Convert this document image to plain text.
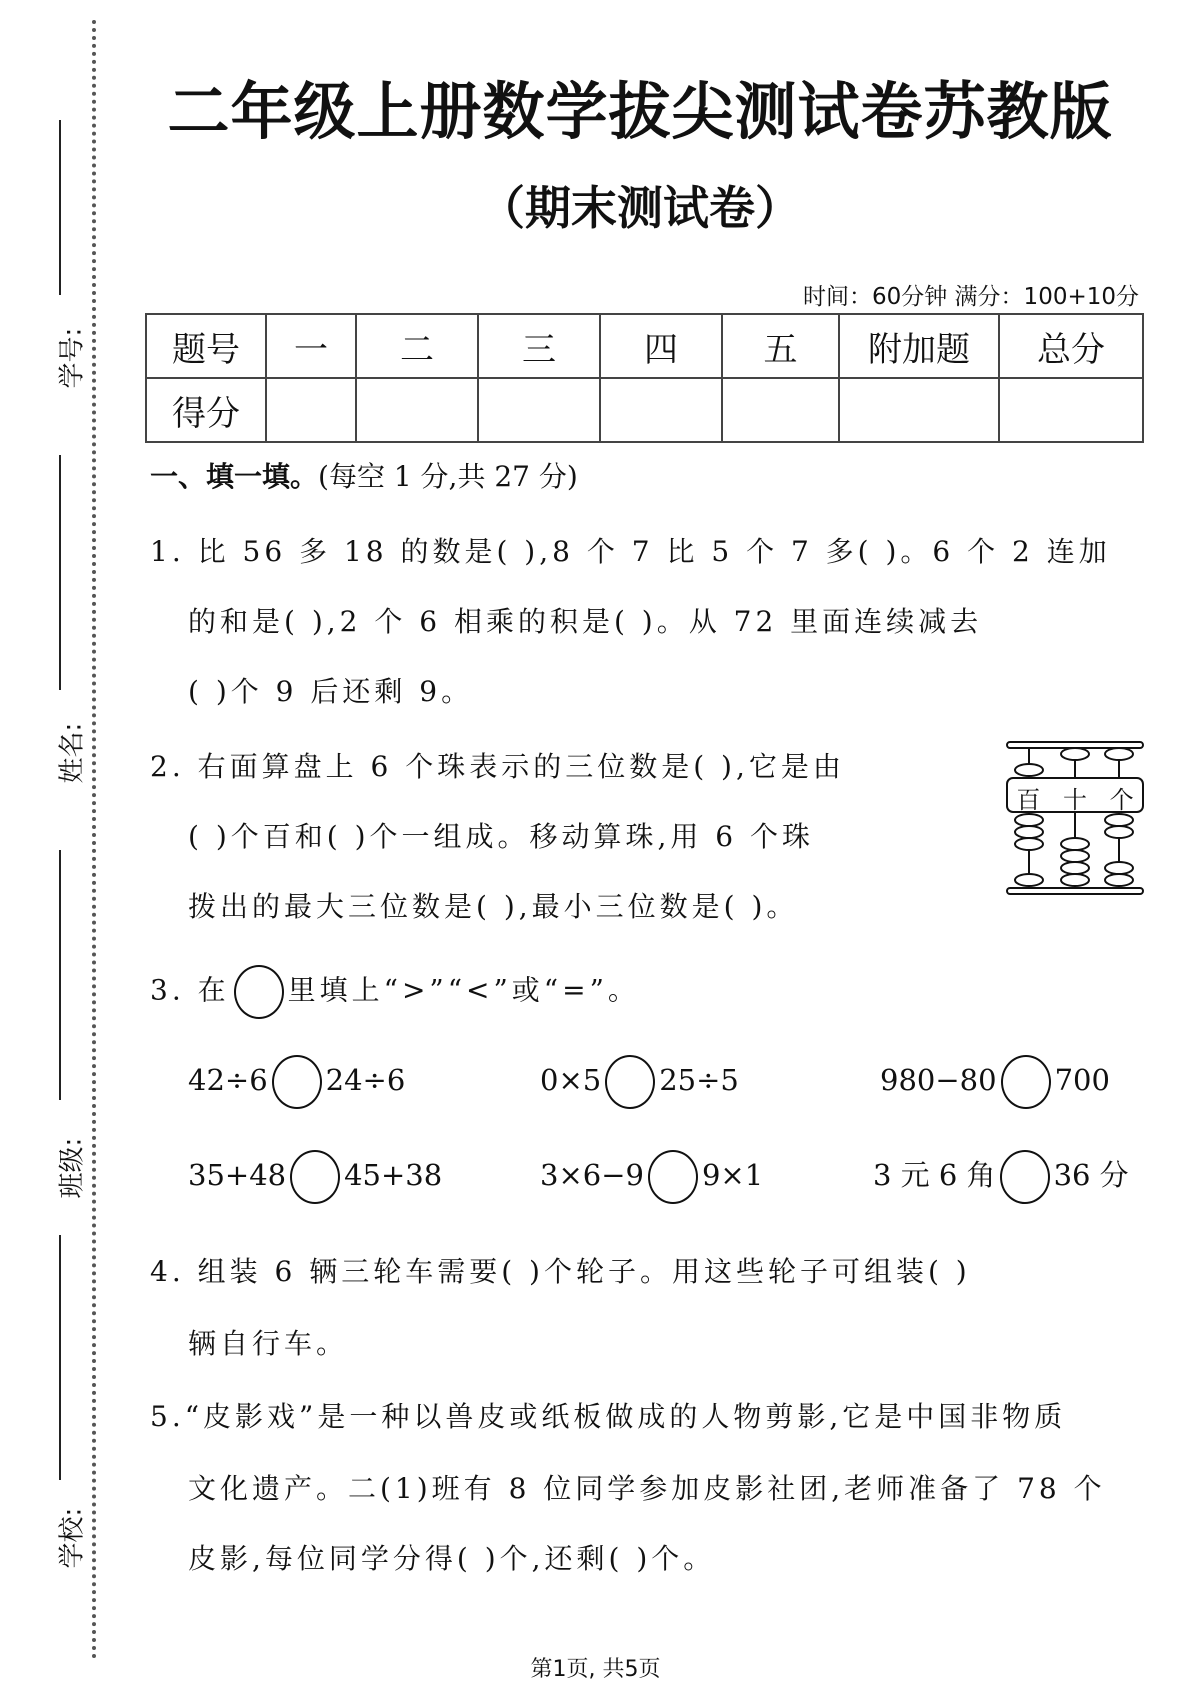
学号:
姓名:
班级:
学校:
二年级上册数学拔尖测试卷苏教版
（期末测试卷）
时间：60分钟 满分：100+10分
题号	一	二	三	四	五	附加题	总分
得分							
一、填一填。(每空 1 分,共 27 分)
1. 比 56 多 18 的数是( ),8 个 7 比 5 个 7 多( )。6 个 2 连加
的和是( ),2 个 6 相乘的积是( )。从 72 里面连续减去
( )个 9 后还剩 9。
2. 右面算盘上 6 个珠表示的三位数是( ),它是由
( )个百和( )个一组成。移动算珠,用 6 个珠
拨出的最大三位数是( ),最小三位数是( )。
百 十 个
3. 在 里填上“>”“<”或“=”。
42÷6 24÷6	0×5 25÷5	980−80 700
35+48 45+38	3×6−9 9×1	3 元 6 角 36 分
4. 组装 6 辆三轮车需要( )个轮子。用这些轮子可组装( )
辆自行车。
5.“皮影戏”是一种以兽皮或纸板做成的人物剪影,它是中国非物质
文化遗产。二(1)班有 8 位同学参加皮影社团,老师准备了 78 个
皮影,每位同学分得( )个,还剩( )个。
第1页, 共5页
